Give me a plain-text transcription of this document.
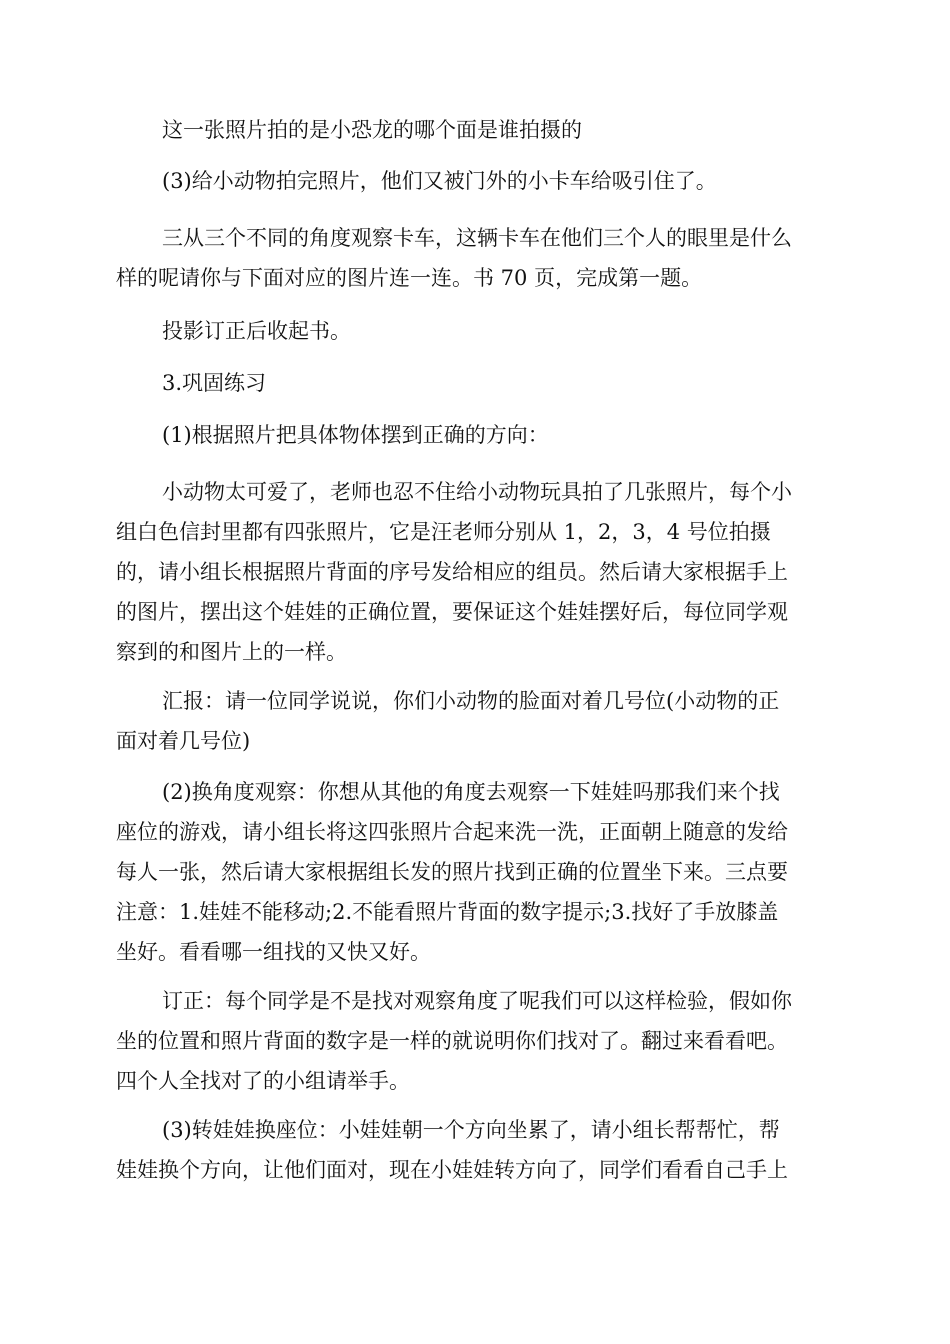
这一张照片拍的是小恐龙的哪个面是谁拍摄的

(3)给小动物拍完照片，他们又被门外的小卡车给吸引住了。

三从三个不同的角度观察卡车，这辆卡车在他们三个人的眼里是什么
样的呢请你与下面对应的图片连一连。书 70 页，完成第一题。

投影订正后收起书。

3.巩固练习

(1)根据照片把具体物体摆到正确的方向：

小动物太可爱了，老师也忍不住给小动物玩具拍了几张照片，每个小
组白色信封里都有四张照片，它是汪老师分别从 1，2，3，4 号位拍摄
的，请小组长根据照片背面的序号发给相应的组员。然后请大家根据手上
的图片，摆出这个娃娃的正确位置，要保证这个娃娃摆好后，每位同学观
察到的和图片上的一样。

汇报：请一位同学说说，你们小动物的脸面对着几号位(小动物的正
面对着几号位)

(2)换角度观察：你想从其他的角度去观察一下娃娃吗那我们来个找
座位的游戏，请小组长将这四张照片合起来洗一洗，正面朝上随意的发给
每人一张，然后请大家根据组长发的照片找到正确的位置坐下来。三点要
注意：1.娃娃不能移动;2.不能看照片背面的数字提示;3.找好了手放膝盖
坐好。看看哪一组找的又快又好。

订正：每个同学是不是找对观察角度了呢我们可以这样检验，假如你
坐的位置和照片背面的数字是一样的就说明你们找对了。翻过来看看吧。
四个人全找对了的小组请举手。

(3)转娃娃换座位：小娃娃朝一个方向坐累了，请小组长帮帮忙，帮
娃娃换个方向，让他们面对，现在小娃娃转方向了，同学们看看自己手上
